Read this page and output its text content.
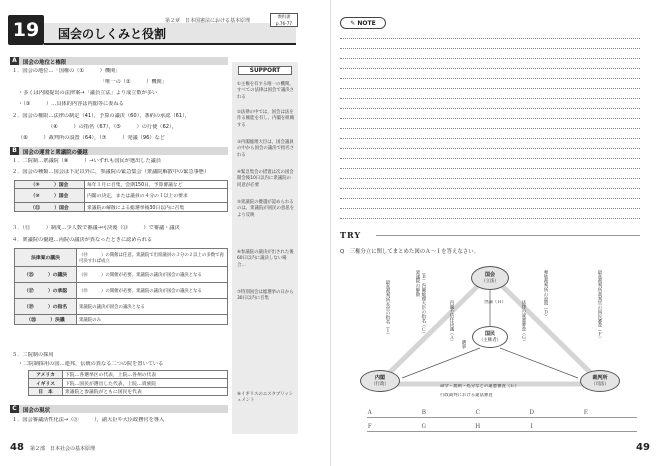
19	国会のしくみと役割
第２章　日本国憲法における基本原理
教科書
p.76-77
A	国会の地位と権限
１．国会の地位…「国権の（①　　　）機関」
「唯一の（②　　　）機関」
・多くは内閣提出の法律案→「議員立法」より成立数が多い
・（③　　　）…具体的内容は内閣等に委ねる
２．国会の権限…法律の制定（41），予算の議決（60），条約の承認（61），
（④　　　）の指名（67），（⑤　　　）の行使（62），
（⑥　　　）裁判所の設置（64），（⑦　　　）発議（96）など
B	国会の運営と衆議院の優越
１．二院制…衆議院（⑧　　　）→いずれも国民が選出した議員
２．国会の種類…国会は下記以外に，参議院の緊急集会（衆議院解散中の緊急事態）
（⑨　　　）国会	毎年１月に召集，会期150日，予算審議など
（⑩　　　）国会	内閣の決定，または議員の４分の１以上の要求
（⑪　　　）国会	衆議院の解散による総選挙後30日以内に召集
３．（⑫　　　）制度…少人数で審議→可決後（⑬　　　）で審議・議決
４．衆議院の優越…両院の議決が異なったときに認められる
法律案の議決	（⑭　　　）の開催は任意。衆議院で出席議員の３分の２以上の多数で再可決すれば成立
（⑮　　　）の議決	（⑯　　　）の開催が必要。衆議院の議決が国会の議決となる
（⑰　　　）の承認	（⑱　　　）の開催が必要。衆議院の議決が国会の議決となる
（⑲　　　）の指名	衆議院の議決が国会の議決となる
（⑳　　　）決議	衆議院のみ
５．二院制の採用
・二院制採用の国…連邦，伝統の異なる二つの院を置いている
アメリカ	下院…各選挙区の代表，上院…各州の代表
イギリス	下院…国民が選出した代表，上院…貴族院
日　本	衆議院と参議院がともに国民を代表
C	国会の現状
１．国会審議活性化法→（㉑　　　），副大臣や大臣政務官を導入
SUPPORT
①主権を有する唯一の機関。すべての法律は国会で議決される
②法律の中では，国会は法を作る権能を有し，内閣を組織する
③内閣総理大臣は，国会議員の中から国会の議決で指名される
④緊急集会の措置は次の国会開会後10日以内に衆議院の同意が必要
⑤衆議院の優越が認められるのは，衆議院が国民の意思をより反映
⑥参議院の議決が出された後60日以内に議決しない場合…
⑦特別国会は総選挙の日から30日以内に召集
⑧イギリスのエスタブリッシュメント
48 第２部　日本社会の基本原理
✎ NOTE
TRY
Q　三権分立に関してまとめた図のＡ～Ｉを答えなさい。
国会
（立法）
国民
（主権者）
内閣
（行政）
裁判所
（司法）
（Ｂ）内閣総理大臣の指名（Ｃ）衆議院の解散	弾劾裁判所の設置（Ｄ）
内閣不信任決議（Ａ）	法律の違憲審査（Ｇ）
選挙
最高裁判所裁判官の国民審査（Ｆ）
最高裁判所長官の指名（Ｉ）	世論（Ｈ）
命令・規則・処分などの違憲審査（Ｅ）
行政裁判における違法審査
Ａ	Ｂ	Ｃ	Ｄ	Ｅ
Ｆ	Ｇ	Ｈ	Ｉ
49
